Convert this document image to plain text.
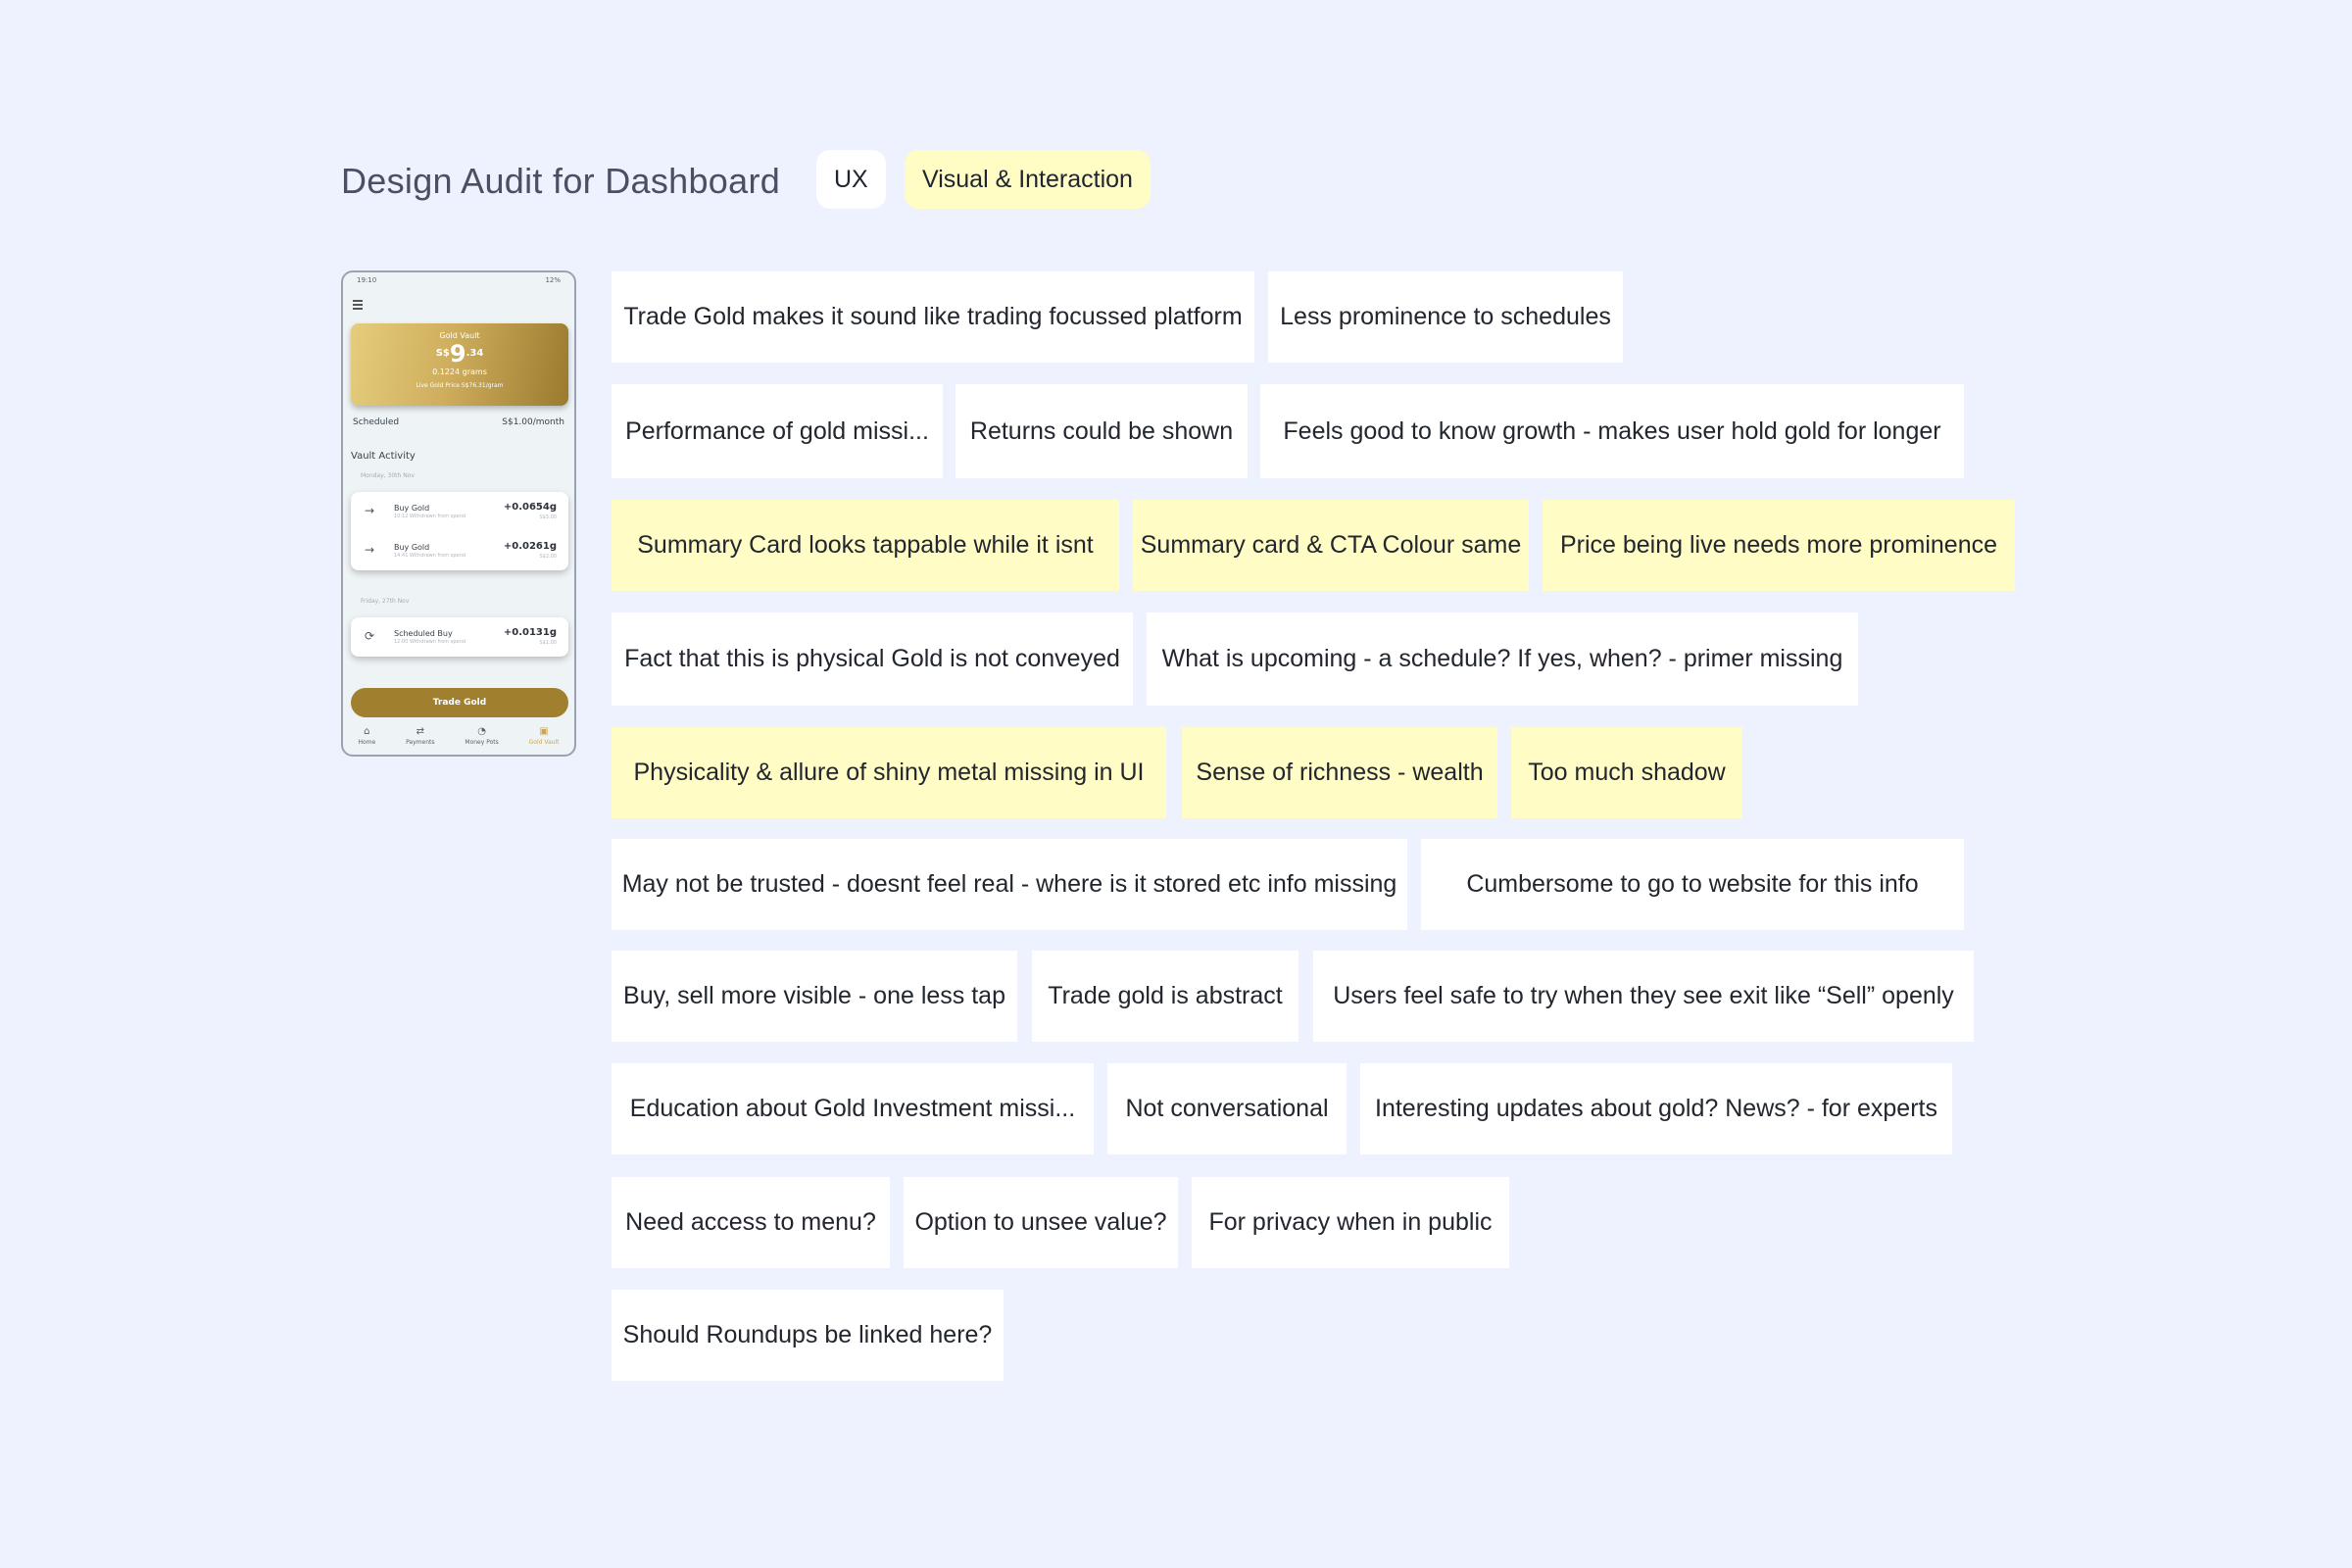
Design Audit for Dashboard	UX	Visual & Interaction
19:10	12%
Gold Vault
$^{S\$}9^{.34}$
0.1224 grams
Live Gold Price S$76.31/gram
Scheduled	S$1.00/month
Vault Activity
Monday, 30th Nov
→ Buy Gold
10:12 Withdrawn from spend
+0.0654g
S$5.00
→ Buy Gold
14:41 Withdrawn from spend
+0.0261g
S$2.00
Friday, 27th Nov
⟳ Scheduled Buy
12:00 Withdrawn from spend
+0.0131g
S$1.00
Trade Gold
⌂
Home
⇄
Payments
◔
Money Pots
▣
Gold Vault
Trade Gold makes it sound like trading focussed platform	Less prominence to schedules
Performance of gold missi...	Returns could be shown	Feels good to know growth - makes user hold gold for longer
Summary Card looks tappable while it isnt	Summary card & CTA Colour same	Price being live needs more prominence
Fact that this is physical Gold is not conveyed	What is upcoming - a schedule? If yes, when? - primer missing
Physicality & allure of shiny metal missing in UI	Sense of richness - wealth	Too much shadow
May not be trusted - doesnt feel real - where is it stored etc info missing	Cumbersome to go to website for this info
Buy, sell more visible - one less tap	Trade gold is abstract	Users feel safe to try when they see exit like “Sell” openly
Education about Gold Investment missi...	Not conversational	Interesting updates about gold? News? - for experts
Need access to menu?	Option to unsee value?	For privacy when in public
Should Roundups be linked here?
